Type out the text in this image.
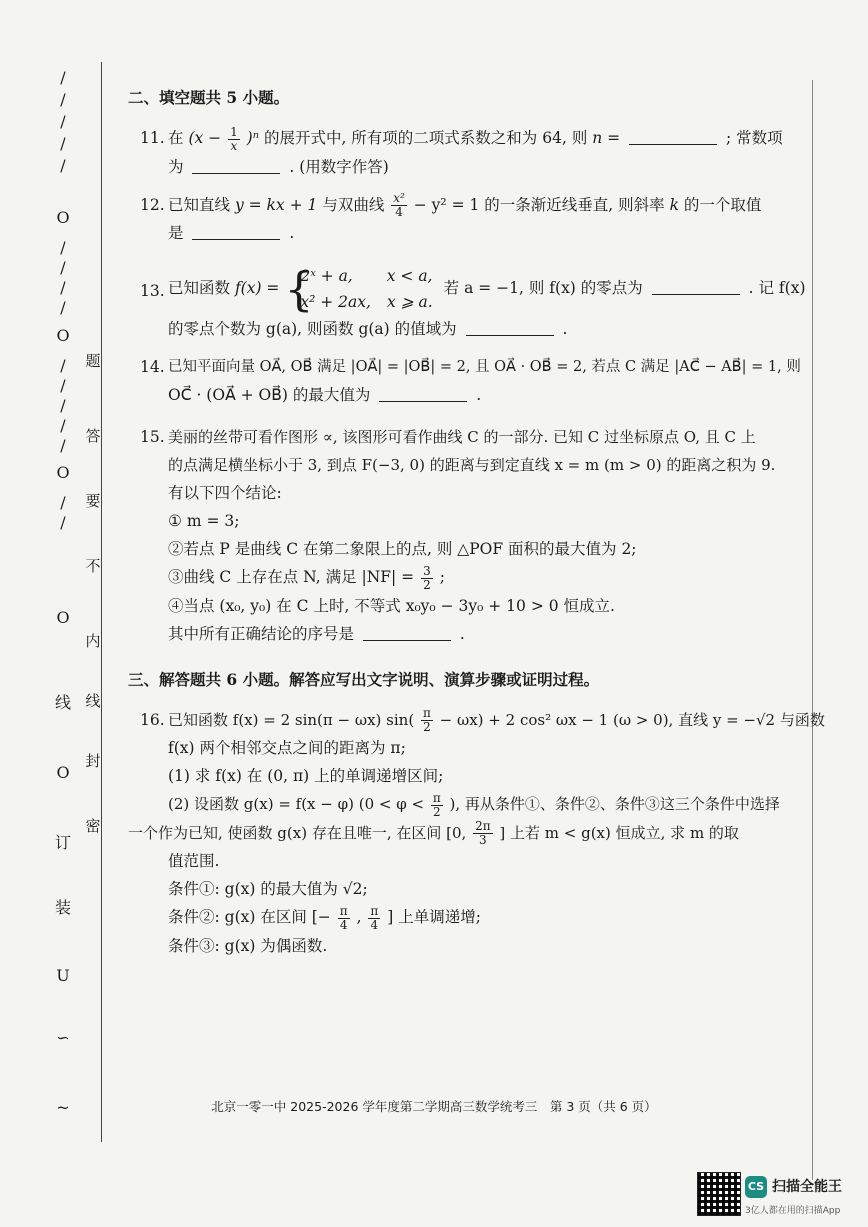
/
/
/
/
/
O
/
/
/
/
O
/
/
/
/
/
O
/
/
O
O
线
订
装
U
∽
~
题
答
要
不
内
线
封
密
二、填空题共 5 小题。
11. 在 $(x - \frac{1}{x} )^n$ 的展开式中, 所有项的二项式系数之和为 64, 则 n =	; 常数项
为	. (用数字作答)
12. 已知直线 y = kx + 1 与双曲线 $\frac{\text{x²}}{4} - y^2 = 1$ 的一条渐近线垂直, 则斜率 k 的一个取值
是	.
13. 已知函数 f(x) = {
2ˣ + a, x < a,
x² + 2ax, x ⩾ a.
若 a = −1, 则 f(x) 的零点为	. 记 f(x)
的零点个数为 g(a), 则函数 g(a) 的值域为	.
14. 已知平面向量 OA⃗, OB⃗ 满足 |OA⃗| = |OB⃗| = 2, 且 OA⃗ · OB⃗ = 2, 若点 C 满足 |AC⃗ − AB⃗| = 1, 则
OC⃗ · (OA⃗ + OB⃗) 的最大值为	.
15. 美丽的丝带可看作图形 ∝, 该图形可看作曲线 C 的一部分. 已知 C 过坐标原点 O, 且 C 上
的点满足横坐标小于 3, 到点 F(−3, 0) 的距离与到定直线 x = m (m > 0) 的距离之积为 9.
有以下四个结论:
① m = 3;
②若点 P 是曲线 C 在第二象限上的点, 则 △POF 面积的最大值为 2;
③曲线 C 上存在点 N, 满足 $|NF| = \frac{3}{2}$ ;
④当点 (x₀, y₀) 在 C 上时, 不等式 x₀y₀ − 3y₀ + 10 > 0 恒成立.
其中所有正确结论的序号是	.
三、解答题共 6 小题。解答应写出文字说明、演算步骤或证明过程。
16. 已知函数 f(x) = 2 sin(π − ωx) $\sin( \frac{\pi}{2} - \omega x) + 2$ cos² ωx − 1 (ω > 0), 直线 y = −√2 与函数
f(x) 两个相邻交点之间的距离为 π;
(1) 求 f(x) 在 (0, π) 上的单调递增区间;
(2) 设函数 g(x) = f(x − φ) ($0 < \varphi < \frac{\pi}{2}$ ), 再从条件①、条件②、条件③这三个条件中选择
一个作为已知, 使函数 g(x) 存在且唯一, 在区间 [0, $\frac{2\pi}{3}$ ] 上若 m < g(x) 恒成立, 求 m 的取
值范围.
条件①: g(x) 的最大值为 √2;
条件②: g(x) 在区间 [− $\frac{\pi}{4}$ , $\frac{\pi}{4}$ ] 上单调递增;
条件③: g(x) 为偶函数.
北京一零一中 2025-2026 学年度第二学期高三数学统考三　第 3 页（共 6 页）
CS 扫描全能王
3亿人都在用的扫描App
